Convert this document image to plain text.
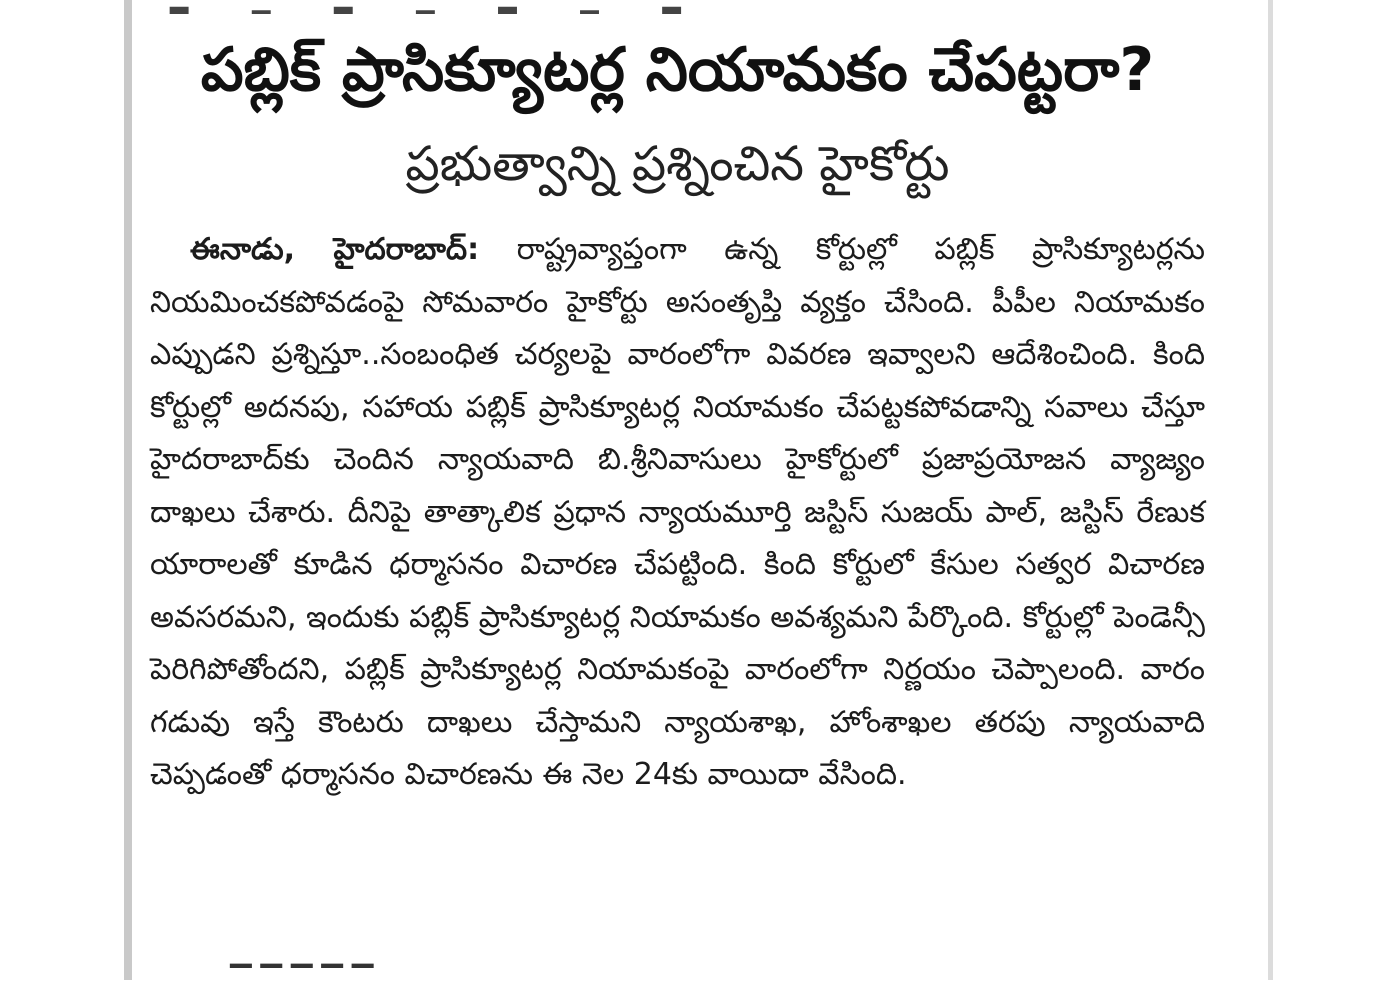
▂ ▁ ▂ ▁ ▂ ▁ ▂
▔ ▔ ▔ ▔ ▔
పబ్లిక్ ప్రాసిక్యూటర్ల నియామకం చేపట్టరా?
ప్రభుత్వాన్ని ప్రశ్నించిన హైకోర్టు

ఈనాడు, హైదరాబాద్: రాష్ట్రవ్యాప్తంగా ఉన్న కోర్టుల్లో పబ్లిక్ ప్రాసిక్యూటర్లను నియమించకపోవడంపై సోమవారం హైకోర్టు అసంతృప్తి వ్యక్తం చేసింది. పీపీల నియామకం ఎప్పుడని ప్రశ్నిస్తూ..సంబంధిత చర్యలపై వారంలోగా వివరణ ఇవ్వాలని ఆదేశించింది. కింది కోర్టుల్లో అదనపు, సహాయ పబ్లిక్ ప్రాసిక్యూటర్ల నియామకం చేపట్టకపోవడాన్ని సవాలు చేస్తూ హైదరాబాద్‌కు చెందిన న్యాయవాది బి.శ్రీనివాసులు హైకోర్టులో ప్రజాప్రయోజన వ్యాజ్యం దాఖలు చేశారు. దీనిపై తాత్కాలిక ప్రధాన న్యాయమూర్తి జస్టిస్ సుజయ్ పాల్, జస్టిస్ రేణుక యారాలతో కూడిన ధర్మాసనం విచారణ చేపట్టింది. కింది కోర్టులో కేసుల సత్వర విచారణ అవసరమని, ఇందుకు పబ్లిక్ ప్రాసిక్యూటర్ల నియామకం అవశ్యమని పేర్కొంది. కోర్టుల్లో పెండెన్సీ పెరిగిపోతోందని, పబ్లిక్ ప్రాసిక్యూటర్ల నియామకంపై వారంలోగా నిర్ణయం చెప్పాలంది. వారం గడువు ఇస్తే కౌంటరు దాఖలు చేస్తామని న్యాయశాఖ, హోంశాఖల తరపు న్యాయవాది చెప్పడంతో ధర్మాసనం విచారణను ఈ నెల 24కు వాయిదా వేసింది.
